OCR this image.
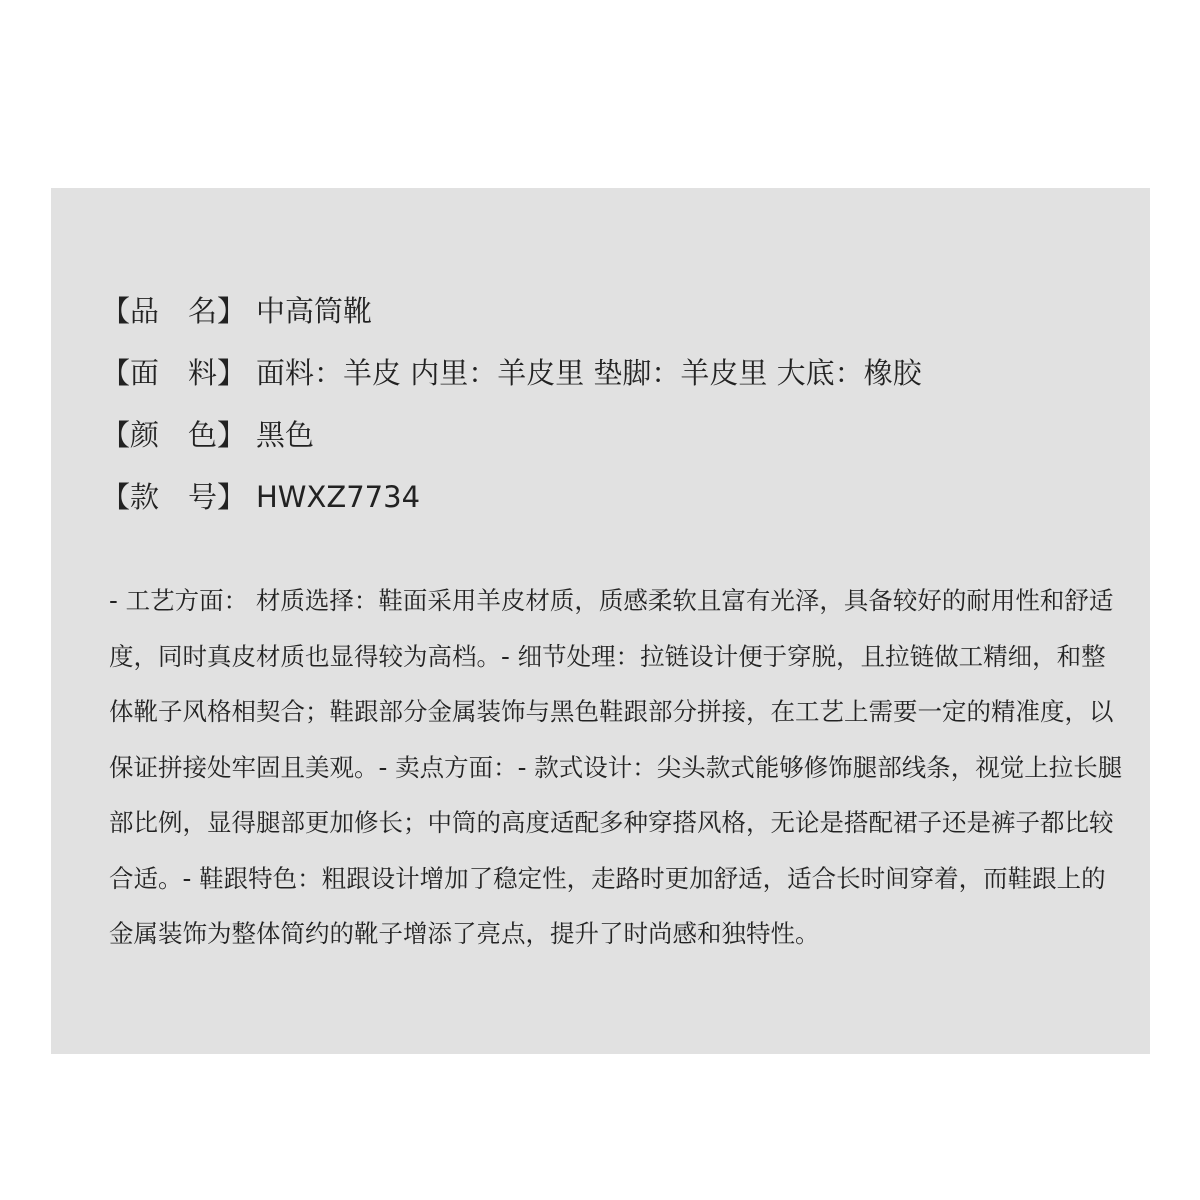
【品　名】 中高筒靴
【面　料】 面料：羊皮 内里：羊皮里 垫脚：羊皮里 大底：橡胶
【颜　色】 黑色
【款　号】 HWXZ7734
- 工艺方面： 材质选择：鞋面采用羊皮材质，质感柔软且富有光泽，具备较好的耐用性和舒适度，同时真皮材质也显得较为高档。- 细节处理：拉链设计便于穿脱，且拉链做工精细，和整体靴子风格相契合；鞋跟部分金属装饰与黑色鞋跟部分拼接，在工艺上需要一定的精准度，以保证拼接处牢固且美观。- 卖点方面：- 款式设计：尖头款式能够修饰腿部线条，视觉上拉长腿部比例，显得腿部更加修长；中筒的高度适配多种穿搭风格，无论是搭配裙子还是裤子都比较合适。- 鞋跟特色：粗跟设计增加了稳定性，走路时更加舒适，适合长时间穿着，而鞋跟上的金属装饰为整体简约的靴子增添了亮点，提升了时尚感和独特性。
